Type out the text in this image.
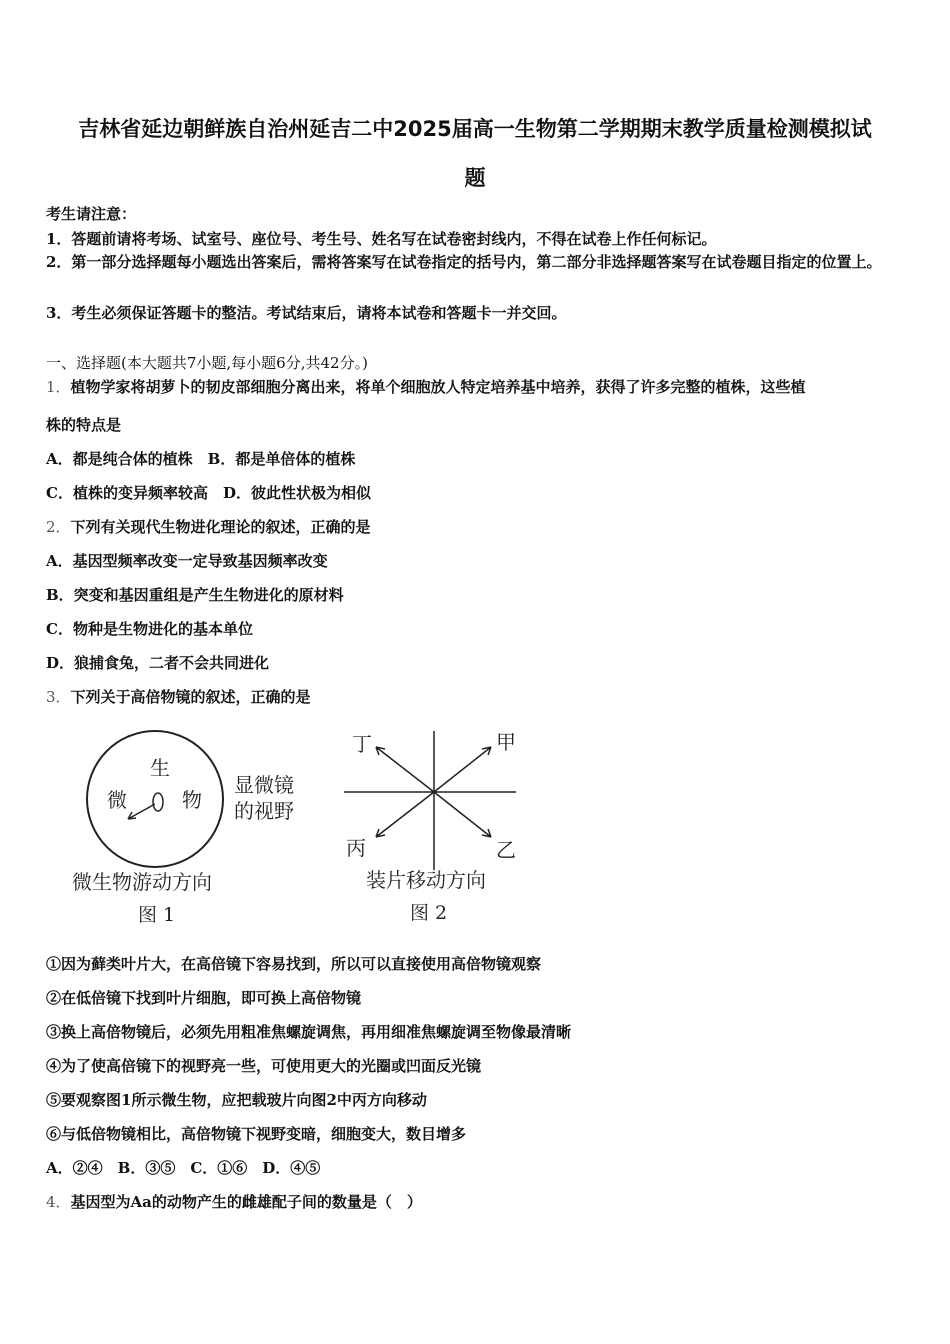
吉林省延边朝鲜族自治州延吉二中2025届高一生物第二学期期末教学质量检测模拟试
题
考生请注意：
1．答题前请将考场、试室号、座位号、考生号、姓名写在试卷密封线内，不得在试卷上作任何标记。
2．第一部分选择题每小题选出答案后，需将答案写在试卷指定的括号内，第二部分非选择题答案写在试卷题目指定的位置上。
3．考生必须保证答题卡的整洁。考试结束后，请将本试卷和答题卡一并交回。
一、选择题(本大题共7小题,每小题6分,共42分。)
1．植物学家将胡萝卜的韧皮部细胞分离出来，将单个细胞放人特定培养基中培养，获得了许多完整的植株，这些植
株的特点是
A．都是纯合体的植株　B．都是单倍体的植株
C．植株的变异频率较高　D．彼此性状极为相似
2．下列有关现代生物进化理论的叙述，正确的是
A．基因型频率改变一定导致基因频率改变
B．突变和基因重组是产生生物进化的原材料
C．物种是生物进化的基本单位
D．狼捕食兔，二者不会共同进化
3．下列关于高倍物镜的叙述，正确的是
生
微	物
显微镜
的视野
微生物游动方向
图 1
丁	甲
丙	乙
装片移动方向
图 2
①因为藓类叶片大，在高倍镜下容易找到，所以可以直接使用高倍物镜观察
②在低倍镜下找到叶片细胞，即可换上高倍物镜
③换上高倍物镜后，必须先用粗准焦螺旋调焦，再用细准焦螺旋调至物像最清晰
④为了使高倍镜下的视野亮一些，可使用更大的光圈或凹面反光镜
⑤要观察图1所示微生物，应把载玻片向图2中丙方向移动
⑥与低倍物镜相比，高倍物镜下视野变暗，细胞变大，数目增多
A．②④　B．③⑤　C．①⑥　D．④⑤
4．基因型为Aa的动物产生的雌雄配子间的数量是（　）
